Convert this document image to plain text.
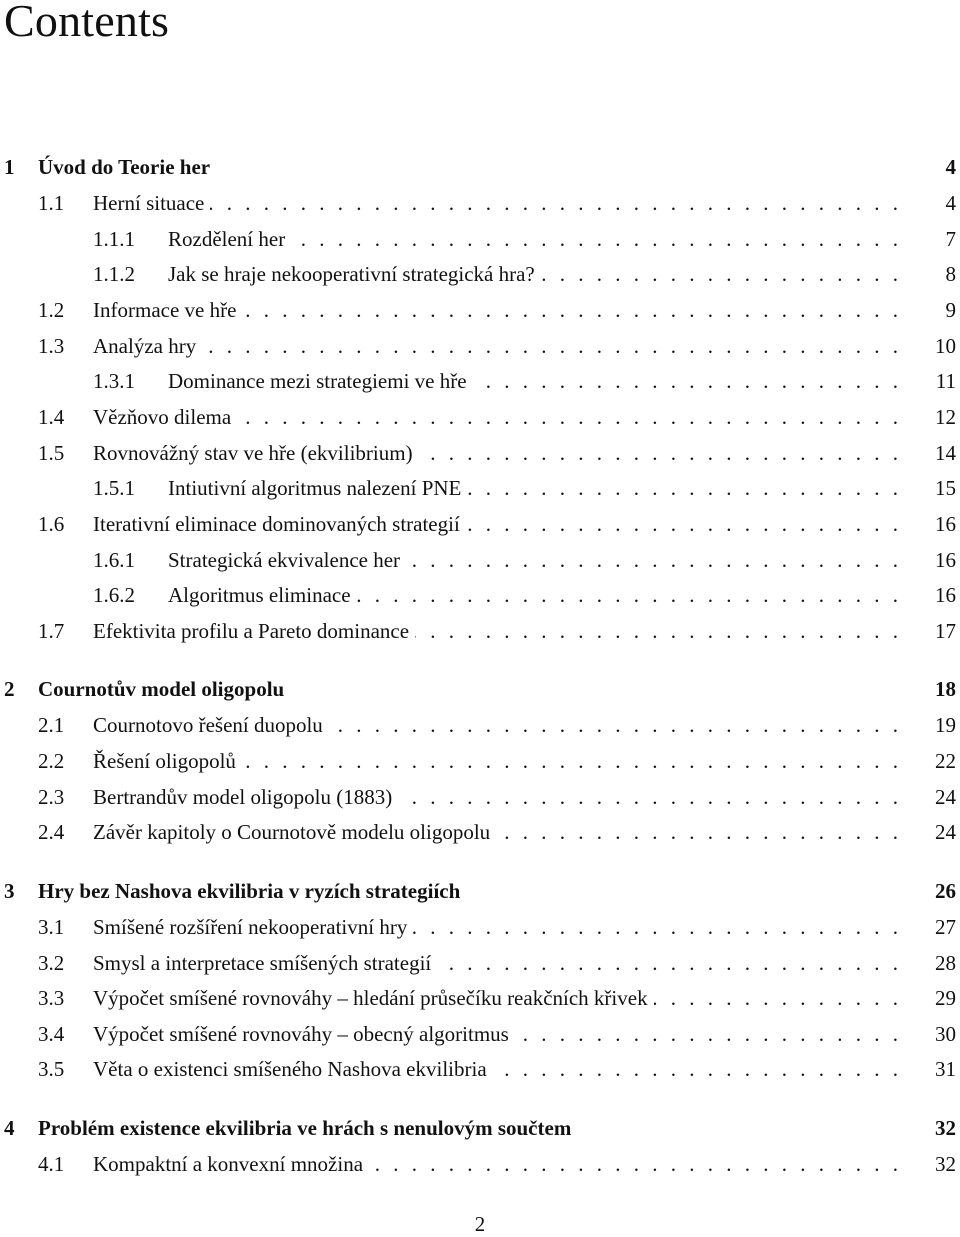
Contents
1 Úvod do Teorie her	4
1.1 Herní situace . . .	4
1.1.1 Rozdělení her . . .	7
1.1.2 Jak se hraje nekooperativní strategická hra? . . .	8
1.2 Informace ve hře . . .	9
1.3 Analýza hry . . .	10
1.3.1 Dominance mezi strategiemi ve hře . . .	11
1.4 Vězňovo dilema . . .	12
1.5 Rovnovážný stav ve hře (ekvilibrium) . . .	14
1.5.1 Intiutivní algoritmus nalezení PNE . . .	15
1.6 Iterativní eliminace dominovaných strategií . . .	16
1.6.1 Strategická ekvivalence her . . .	16
1.6.2 Algoritmus eliminace . . .	16
1.7 Efektivita profilu a Pareto dominance . . .	17
2 Cournotův model oligopolu	18
2.1 Cournotovo řešení duopolu . . .	19
2.2 Řešení oligopolů . . .	22
2.3 Bertrandův model oligopolu (1883) . . .	24
2.4 Závěr kapitoly o Cournotově modelu oligopolu . . .	24
3 Hry bez Nashova ekvilibria v ryzích strategiích	26
3.1 Smíšené rozšíření nekooperativní hry . . .	27
3.2 Smysl a interpretace smíšených strategií . . .	28
3.3 Výpočet smíšené rovnováhy – hledání průsečíku reakčních křivek . . .	29
3.4 Výpočet smíšené rovnováhy – obecný algoritmus . . .	30
3.5 Věta o existenci smíšeného Nashova ekvilibria . . .	31
4 Problém existence ekvilibria ve hrách s nenulovým součtem	32
4.1 Kompaktní a konvexní množina . . .	32
2
